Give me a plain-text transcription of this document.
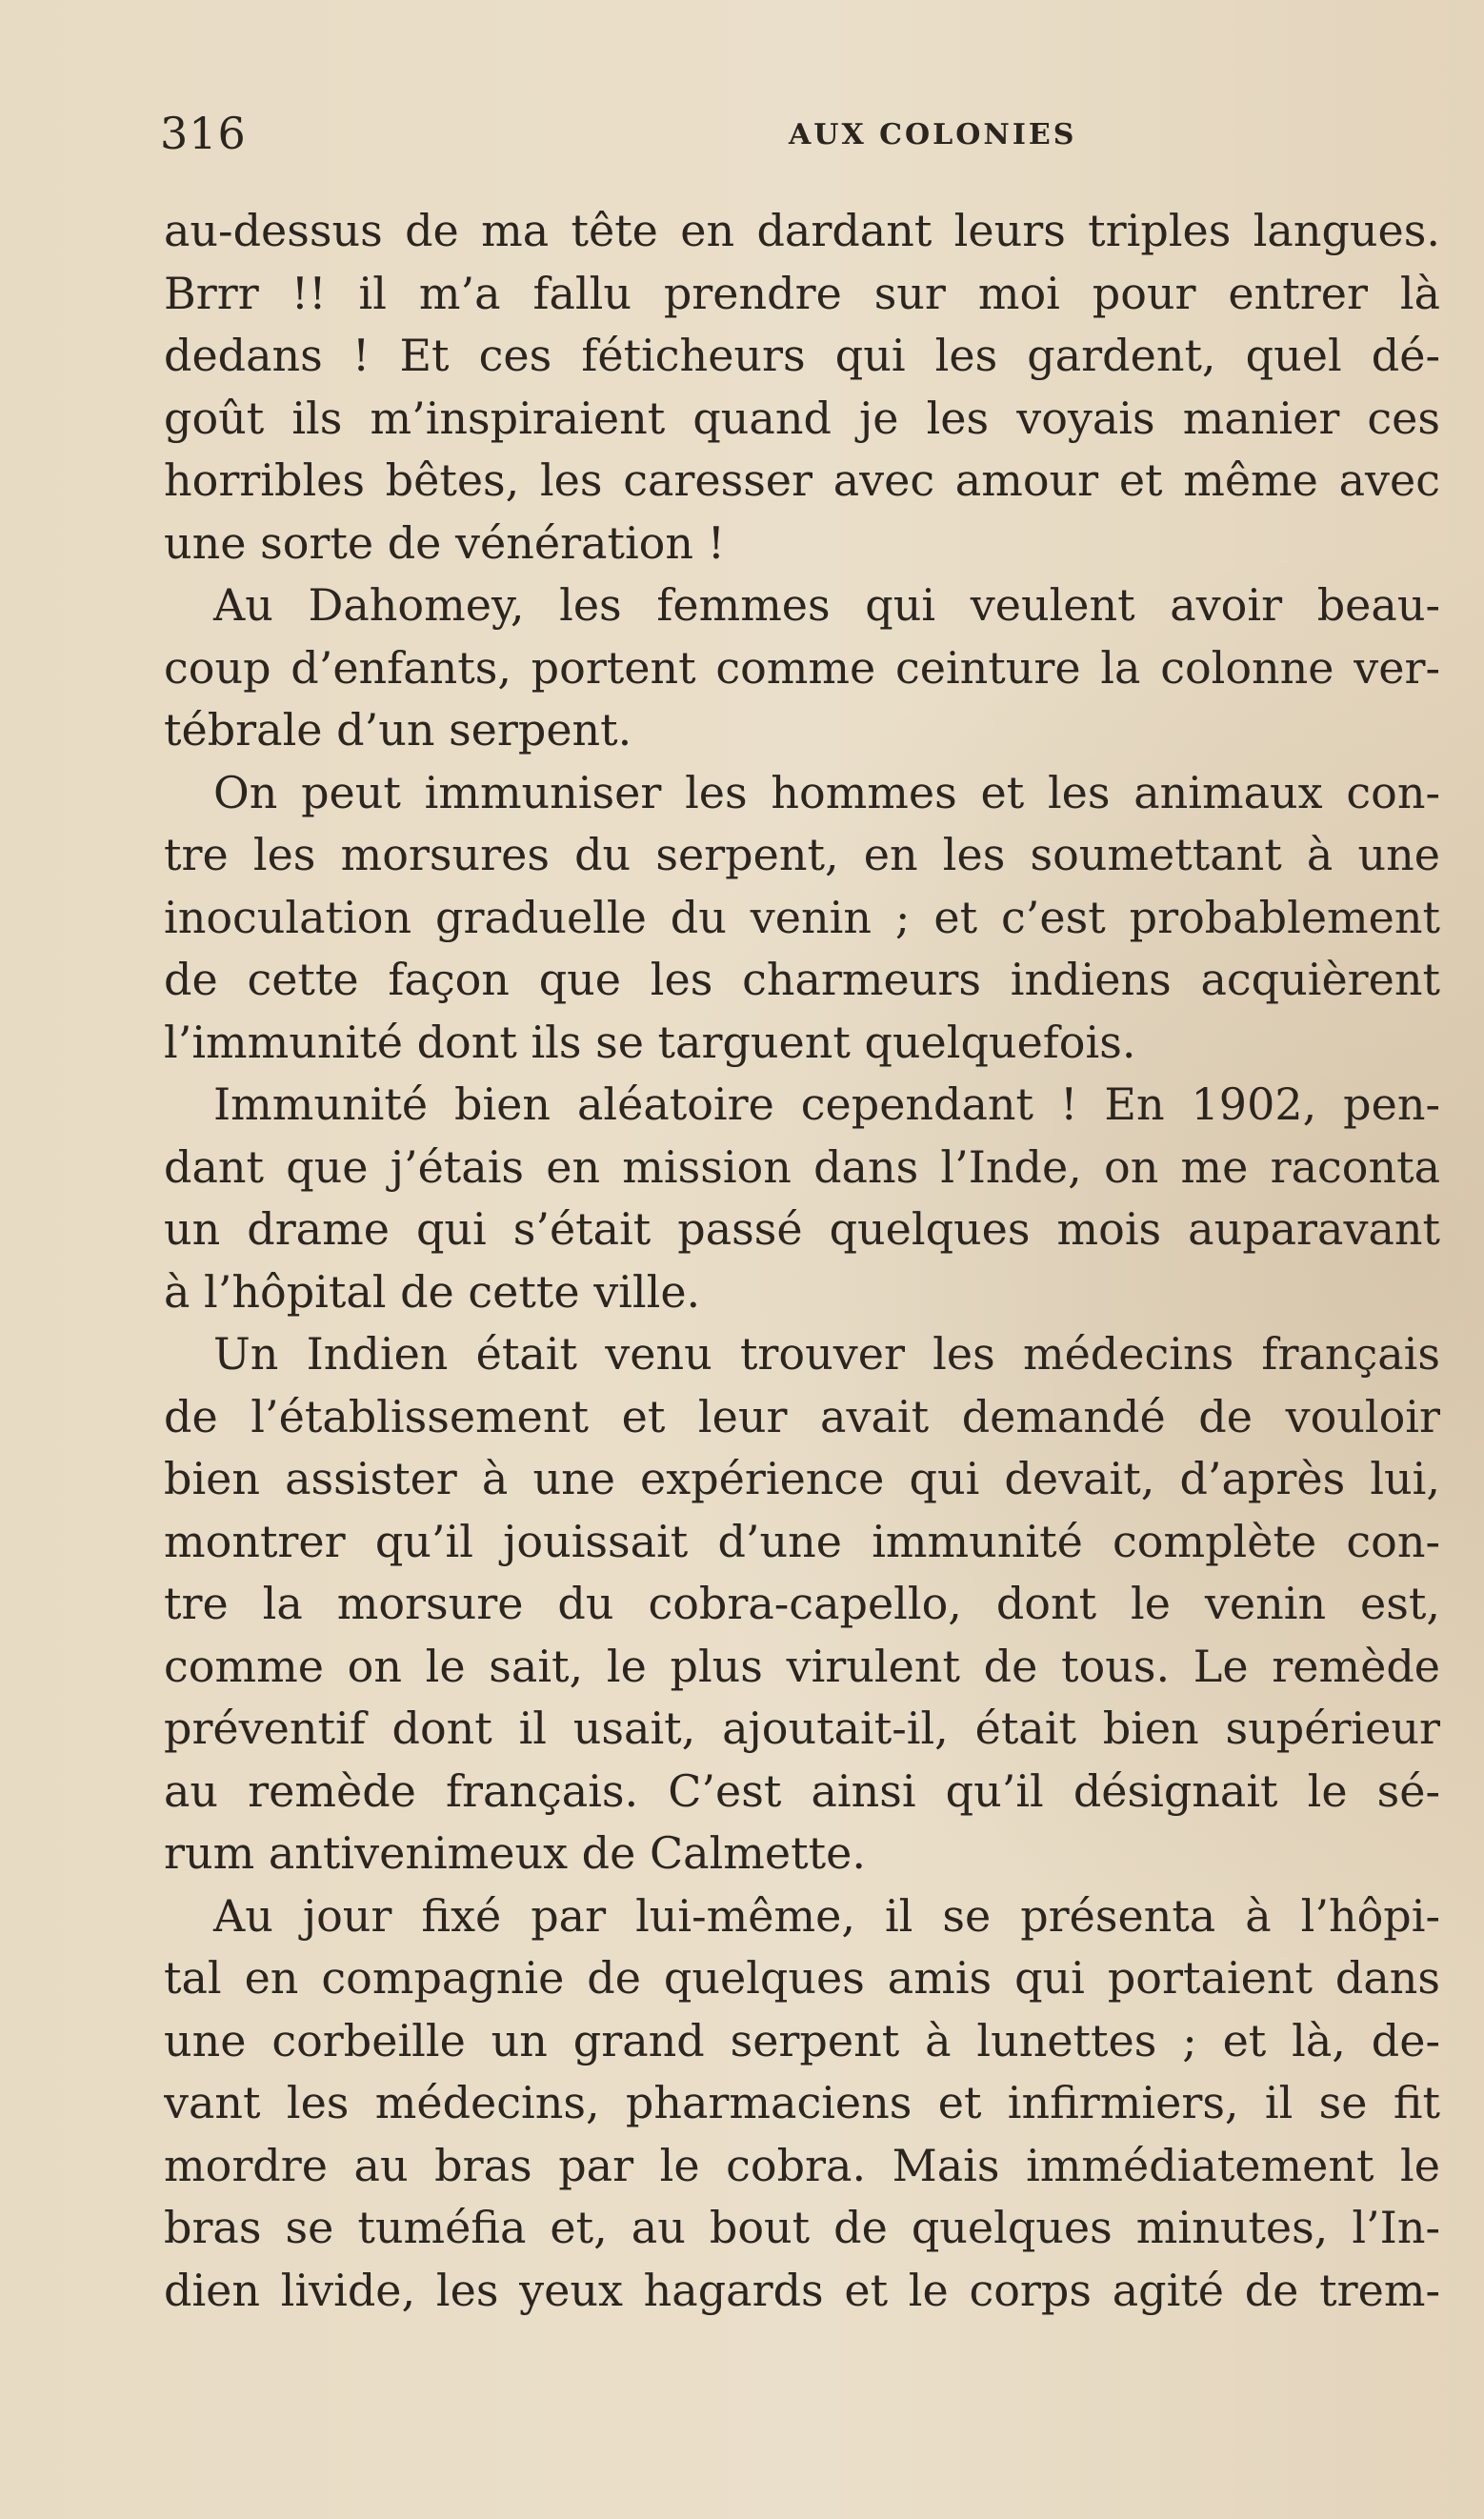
316	AUX COLONIES
au-dessus de ma tête en dardant leurs triples langues.
Brrr !! il m’a fallu prendre sur moi pour entrer là
dedans ! Et ces féticheurs qui les gardent, quel dé-
goût ils m’inspiraient quand je les voyais manier ces
horribles bêtes, les caresser avec amour et même avec
une sorte de vénération !
Au Dahomey, les femmes qui veulent avoir beau-
coup d’enfants, portent comme ceinture la colonne ver-
tébrale d’un serpent.
On peut immuniser les hommes et les animaux con-
tre les morsures du serpent, en les soumettant à une
inoculation graduelle du venin ; et c’est probablement
de cette façon que les charmeurs indiens acquièrent
l’immunité dont ils se targuent quelquefois.
Immunité bien aléatoire cependant ! En 1902, pen-
dant que j’étais en mission dans l’Inde, on me raconta
un drame qui s’était passé quelques mois auparavant
à l’hôpital de cette ville.
Un Indien était venu trouver les médecins français
de l’établissement et leur avait demandé de vouloir
bien assister à une expérience qui devait, d’après lui,
montrer qu’il jouissait d’une immunité complète con-
tre la morsure du cobra-capello, dont le venin est,
comme on le sait, le plus virulent de tous. Le remède
préventif dont il usait, ajoutait-il, était bien supérieur
au remède français. C’est ainsi qu’il désignait le sé-
rum antivenimeux de Calmette.
Au jour fixé par lui-même, il se présenta à l’hôpi-
tal en compagnie de quelques amis qui portaient dans
une corbeille un grand serpent à lunettes ; et là, de-
vant les médecins, pharmaciens et infirmiers, il se fit
mordre au bras par le cobra. Mais immédiatement le
bras se tuméfia et, au bout de quelques minutes, l’In-
dien livide, les yeux hagards et le corps agité de trem-
